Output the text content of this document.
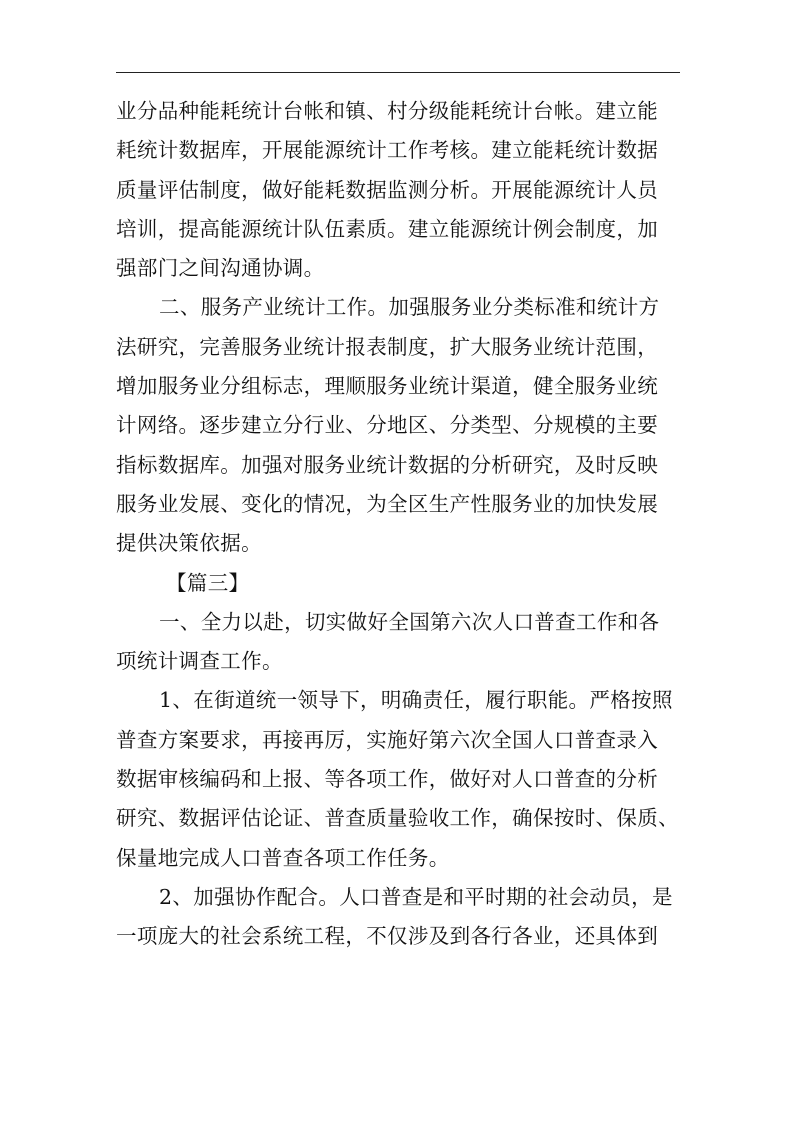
业分品种能耗统计台帐和镇、村分级能耗统计台帐。建立能
耗统计数据库，开展能源统计工作考核。建立能耗统计数据
质量评估制度，做好能耗数据监测分析。开展能源统计人员
培训，提高能源统计队伍素质。建立能源统计例会制度，加
强部门之间沟通协调。
二、服务产业统计工作。加强服务业分类标准和统计方
法研究，完善服务业统计报表制度，扩大服务业统计范围，
增加服务业分组标志，理顺服务业统计渠道，健全服务业统
计网络。逐步建立分行业、分地区、分类型、分规模的主要
指标数据库。加强对服务业统计数据的分析研究，及时反映
服务业发展、变化的情况，为全区生产性服务业的加快发展
提供决策依据。
【篇三】
一、全力以赴，切实做好全国第六次人口普查工作和各
项统计调查工作。
1、在街道统一领导下，明确责任，履行职能。严格按照
普查方案要求，再接再厉，实施好第六次全国人口普查录入
数据审核编码和上报、等各项工作，做好对人口普查的分析
研究、数据评估论证、普查质量验收工作，确保按时、保质、
保量地完成人口普查各项工作任务。
2、加强协作配合。人口普查是和平时期的社会动员，是
一项庞大的社会系统工程，不仅涉及到各行各业，还具体到
